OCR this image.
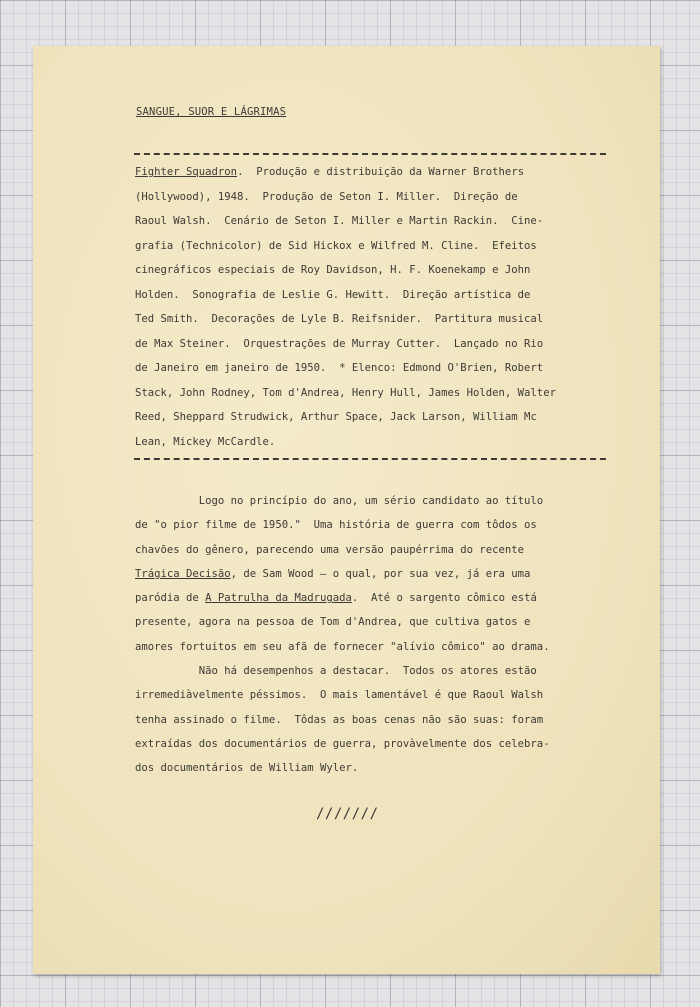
SANGUE, SUOR E LÁGRIMAS
Fighter Squadron.  Produção e distribuição da Warner Brothers
(Hollywood), 1948.  Produção de Seton I. Miller.  Direção de
Raoul Walsh.  Cenário de Seton I. Miller e Martin Rackin.  Cine-
grafia (Technicolor) de Sid Hickox e Wilfred M. Cline.  Efeitos
cinegráficos especiais de Roy Davidson, H. F. Koenekamp e John
Holden.  Sonografia de Leslie G. Hewitt.  Direção artística de
Ted Smith.  Decorações de Lyle B. Reifsnider.  Partitura musical
de Max Steiner.  Orquestrações de Murray Cutter.  Lançado no Rio
de Janeiro em janeiro de 1950.  * Elenco: Edmond O'Brien, Robert
Stack, John Rodney, Tom d'Andrea, Henry Hull, James Holden, Walter
Reed, Sheppard Strudwick, Arthur Space, Jack Larson, William Mc
Lean, Mickey McCardle.
Logo no princípio do ano, um sério candidato ao título
de "o pior filme de 1950."  Uma história de guerra com tôdos os
chavões do gênero, parecendo uma versão paupérrima do recente
Trágica Decisão, de Sam Wood — o qual, por sua vez, já era uma
paródia de A Patrulha da Madrugada.  Até o sargento cômico está
presente, agora na pessoa de Tom d'Andrea, que cultiva gatos e
amores fortuitos em seu afã de fornecer "alívio cômico" ao drama.
Não há desempenhos a destacar.  Todos os atores estão
irremediàvelmente péssimos.  O mais lamentável é que Raoul Walsh
tenha assinado o filme.  Tôdas as boas cenas não são suas: foram
extraídas dos documentários de guerra, provàvelmente dos celebra-
dos documentários de William Wyler.
///////
